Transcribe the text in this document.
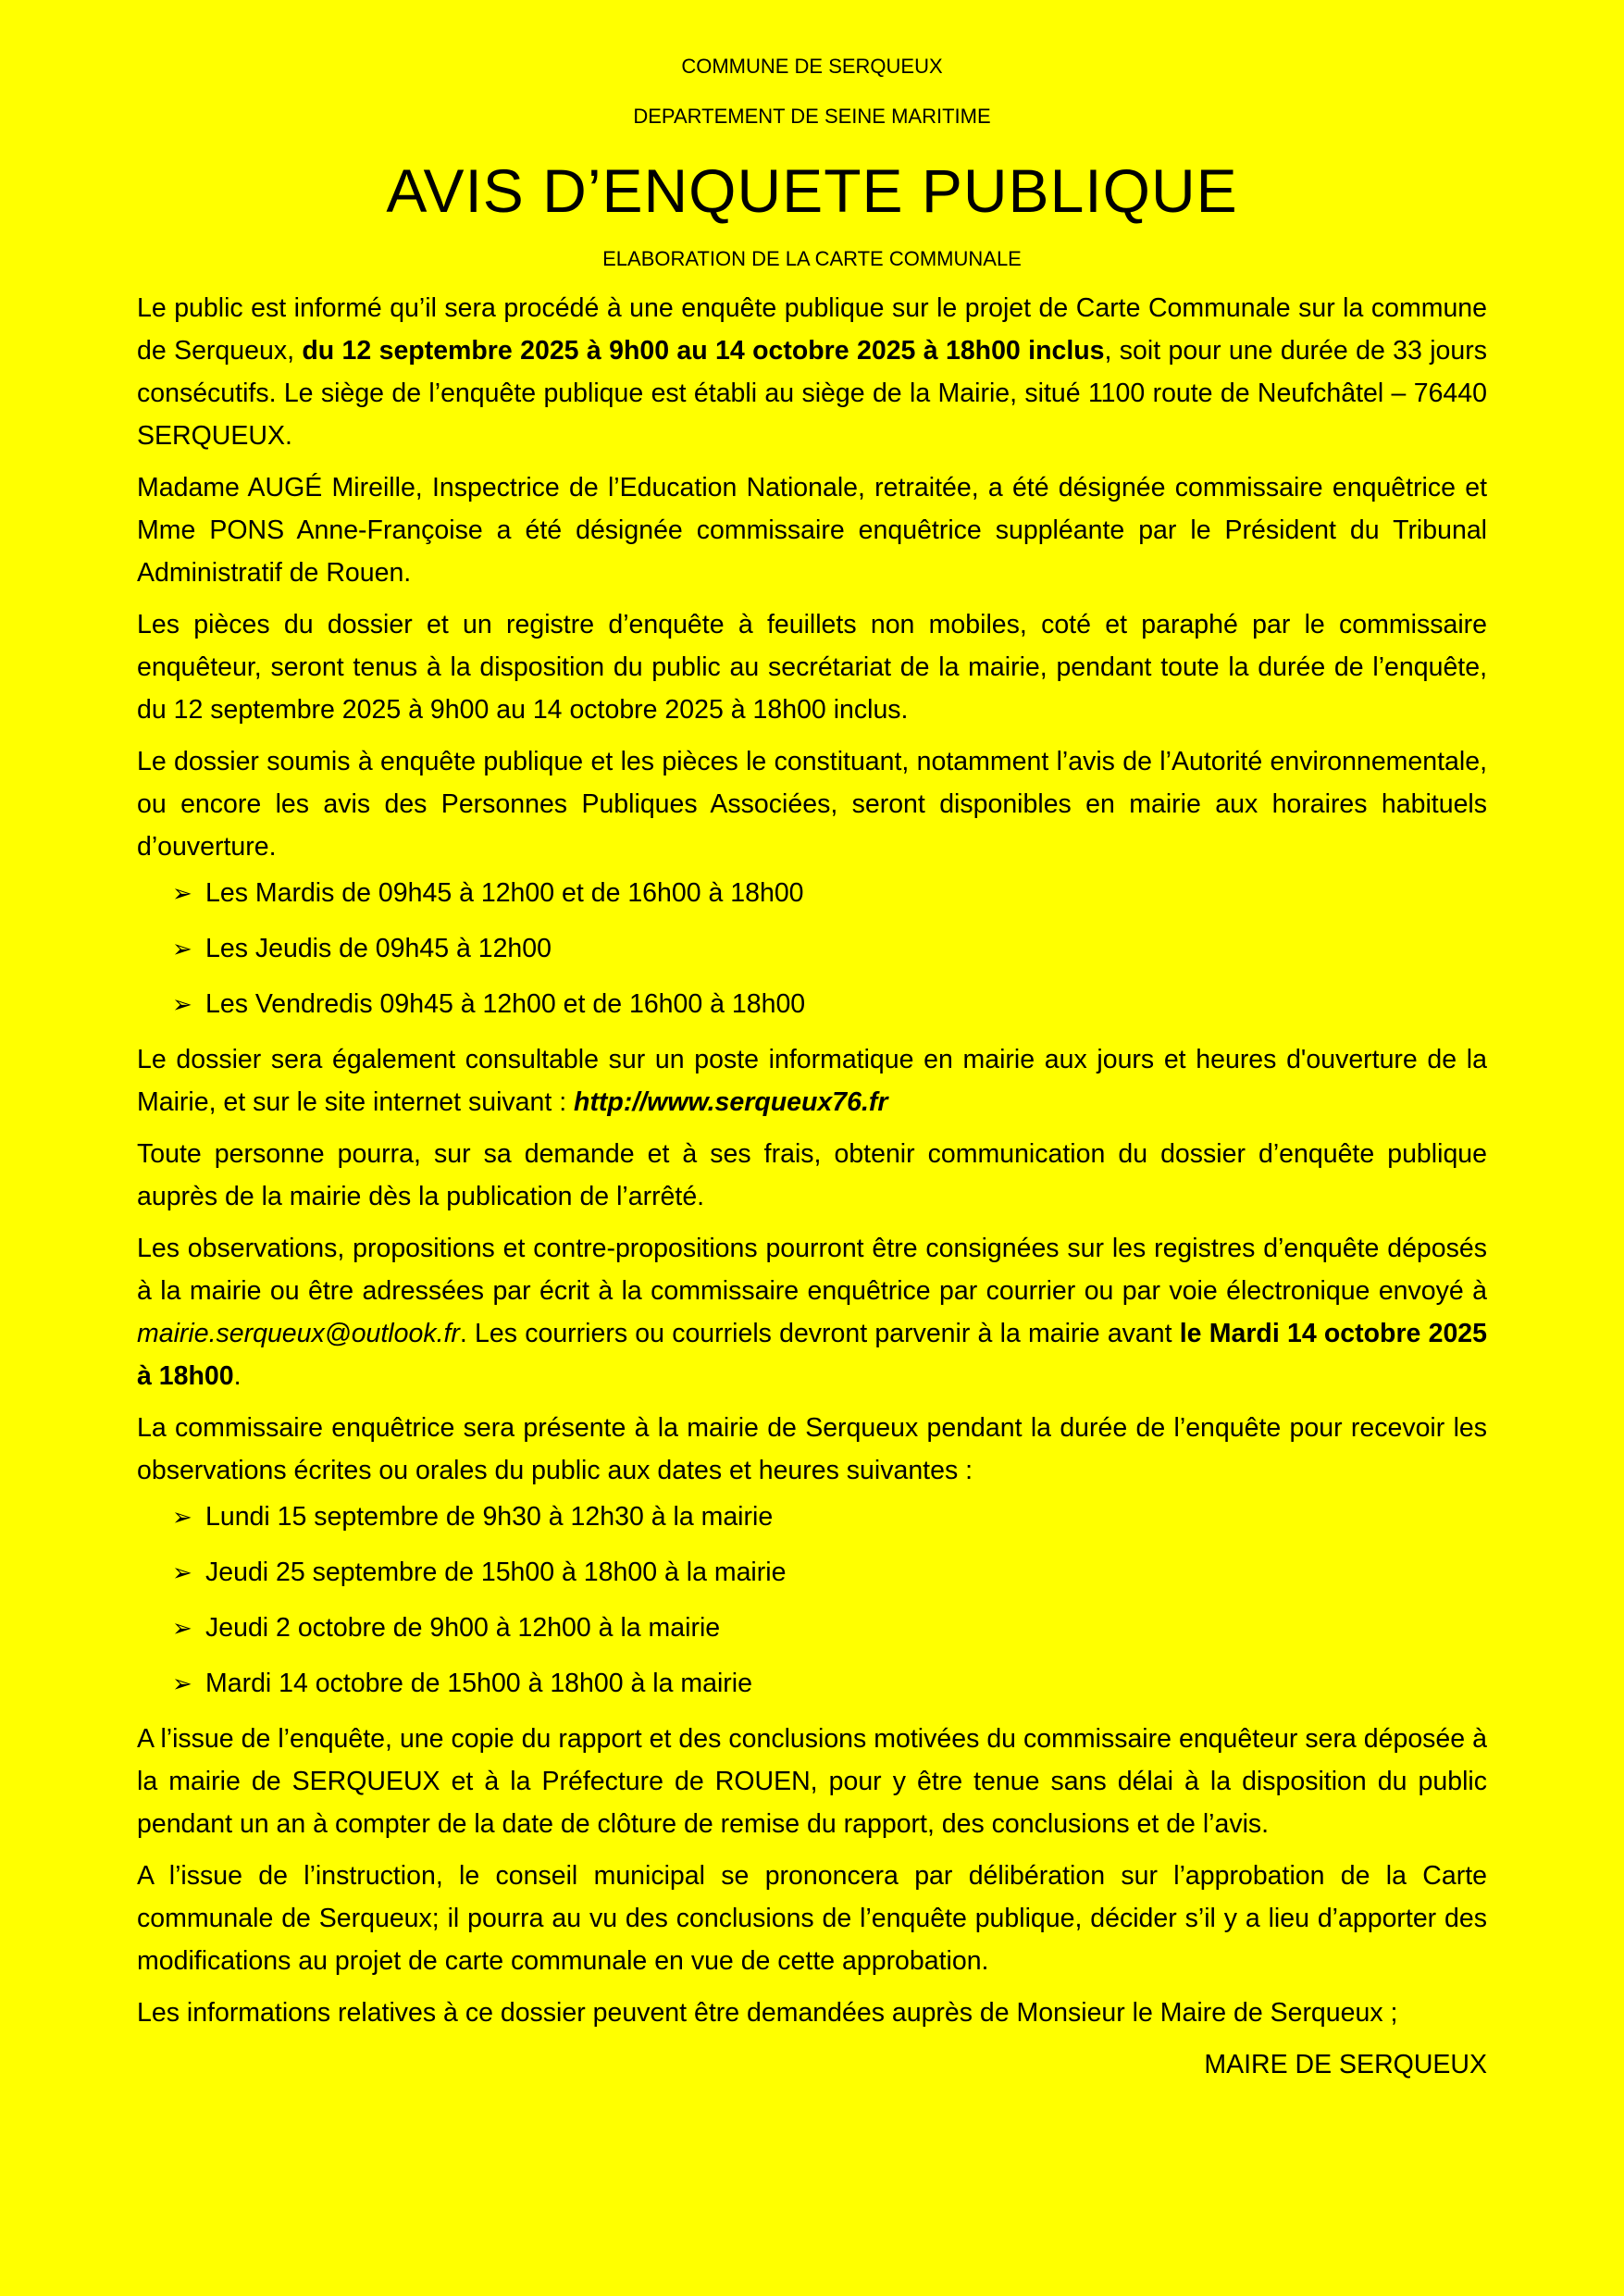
COMMUNE DE SERQUEUX

DEPARTEMENT DE SEINE MARITIME

AVIS D’ENQUETE PUBLIQUE

ELABORATION DE LA CARTE COMMUNALE

Le public est informé qu’il sera procédé à une enquête publique sur le projet de Carte Communale sur la commune de Serqueux, du 12 septembre 2025 à 9h00 au 14 octobre 2025 à 18h00 inclus, soit pour une durée de 33 jours consécutifs. Le siège de l’enquête publique est établi au siège de la Mairie, situé 1100 route de Neufchâtel – 76440 SERQUEUX.

Madame AUGÉ Mireille, Inspectrice de l’Education Nationale, retraitée, a été désignée commissaire enquêtrice et Mme PONS Anne-Françoise a été désignée commissaire enquêtrice suppléante par le Président du Tribunal Administratif de Rouen.

Les pièces du dossier et un registre d’enquête à feuillets non mobiles, coté et paraphé par le commissaire enquêteur, seront tenus à la disposition du public au secrétariat de la mairie, pendant toute la durée de l’enquête, du 12 septembre 2025 à 9h00 au 14 octobre 2025 à 18h00 inclus.

Le dossier soumis à enquête publique et les pièces le constituant, notamment l’avis de l’Autorité environnementale, ou encore les avis des Personnes Publiques Associées, seront disponibles en mairie aux horaires habituels d’ouverture.

➢ Les Mardis de 09h45 à 12h00 et de 16h00 à 18h00
➢ Les Jeudis de 09h45 à 12h00
➢ Les Vendredis 09h45 à 12h00 et de 16h00 à 18h00

Le dossier sera également consultable sur un poste informatique en mairie aux jours et heures d'ouverture de la Mairie, et sur le site internet suivant : http://www.serqueux76.fr

Toute personne pourra, sur sa demande et à ses frais, obtenir communication du dossier d’enquête publique auprès de la mairie dès la publication de l’arrêté.

Les observations, propositions et contre-propositions pourront être consignées sur les registres d’enquête déposés à la mairie ou être adressées par écrit à la commissaire enquêtrice par courrier ou par voie électronique envoyé à mairie.serqueux@outlook.fr. Les courriers ou courriels devront parvenir à la mairie avant le Mardi 14 octobre 2025 à 18h00.

La commissaire enquêtrice sera présente à la mairie de Serqueux pendant la durée de l’enquête pour recevoir les observations écrites ou orales du public aux dates et heures suivantes :

➢ Lundi 15 septembre de 9h30 à 12h30 à la mairie
➢ Jeudi 25 septembre de 15h00 à 18h00 à la mairie
➢ Jeudi 2 octobre de 9h00 à 12h00 à la mairie
➢ Mardi 14 octobre de 15h00 à 18h00 à la mairie

A l’issue de l’enquête, une copie du rapport et des conclusions motivées du commissaire enquêteur sera déposée à la mairie de SERQUEUX et à la Préfecture de ROUEN, pour y être tenue sans délai à la disposition du public pendant un an à compter de la date de clôture de remise du rapport, des conclusions et de l’avis.

A l’issue de l’instruction, le conseil municipal se prononcera par délibération sur l’approbation de la Carte communale de Serqueux; il pourra au vu des conclusions de l’enquête publique, décider s’il y a lieu d’apporter des modifications au projet de carte communale en vue de cette approbation.

Les informations relatives à ce dossier peuvent être demandées auprès de Monsieur le Maire de Serqueux ;

MAIRE DE SERQUEUX
